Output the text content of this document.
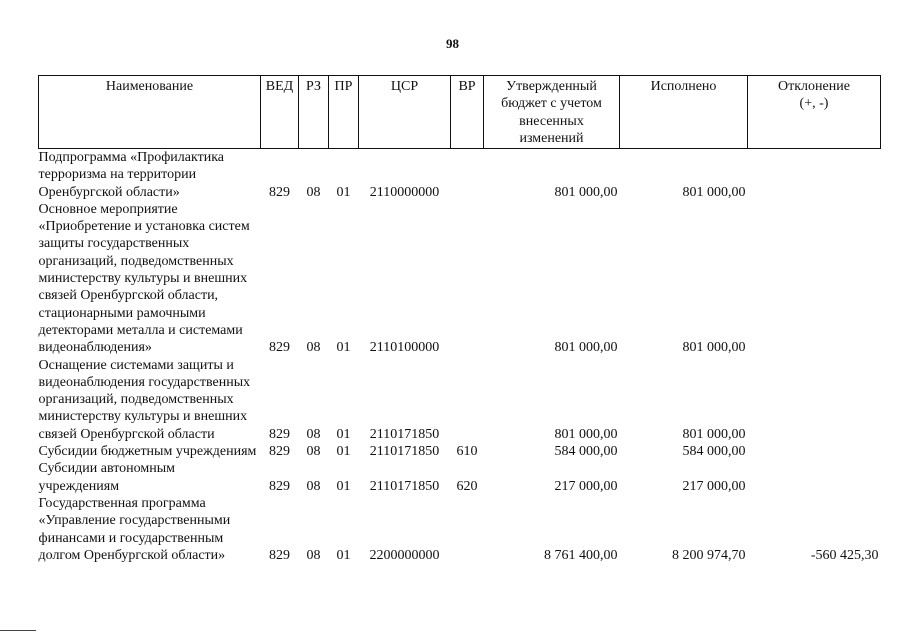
98
Наименование	ВЕД	РЗ	ПР	ЦСР	ВР	Утвержденный
бюджет с учетом
внесенных
изменений	Исполнено	Отклонение
(+, -)

Подпрограмма «Профилактика терроризма на территории Оренбургской области»	829	08	01	2110000000		801 000,00	801 000,00	
Основное мероприятие «Приобретение и установка систем защиты государственных организаций, подведомственных министерству культуры и внешних связей Оренбургской области, стационарными рамочными детекторами металла и системами видеонаблюдения»	829	08	01	2110100000		801 000,00	801 000,00	
Оснащение системами защиты и видеонаблюдения государственных организаций, подведомственных министерству культуры и внешних связей Оренбургской области	829	08	01	2110171850		801 000,00	801 000,00	
Субсидии бюджетным учреждениям	829	08	01	2110171850	610	584 000,00	584 000,00	
Субсидии автономным учреждениям	829	08	01	2110171850	620	217 000,00	217 000,00	
Государственная программа «Управление государственными финансами и государственным долгом Оренбургской области»	829	08	01	2200000000		8 761 400,00	8 200 974,70	-560 425,30
